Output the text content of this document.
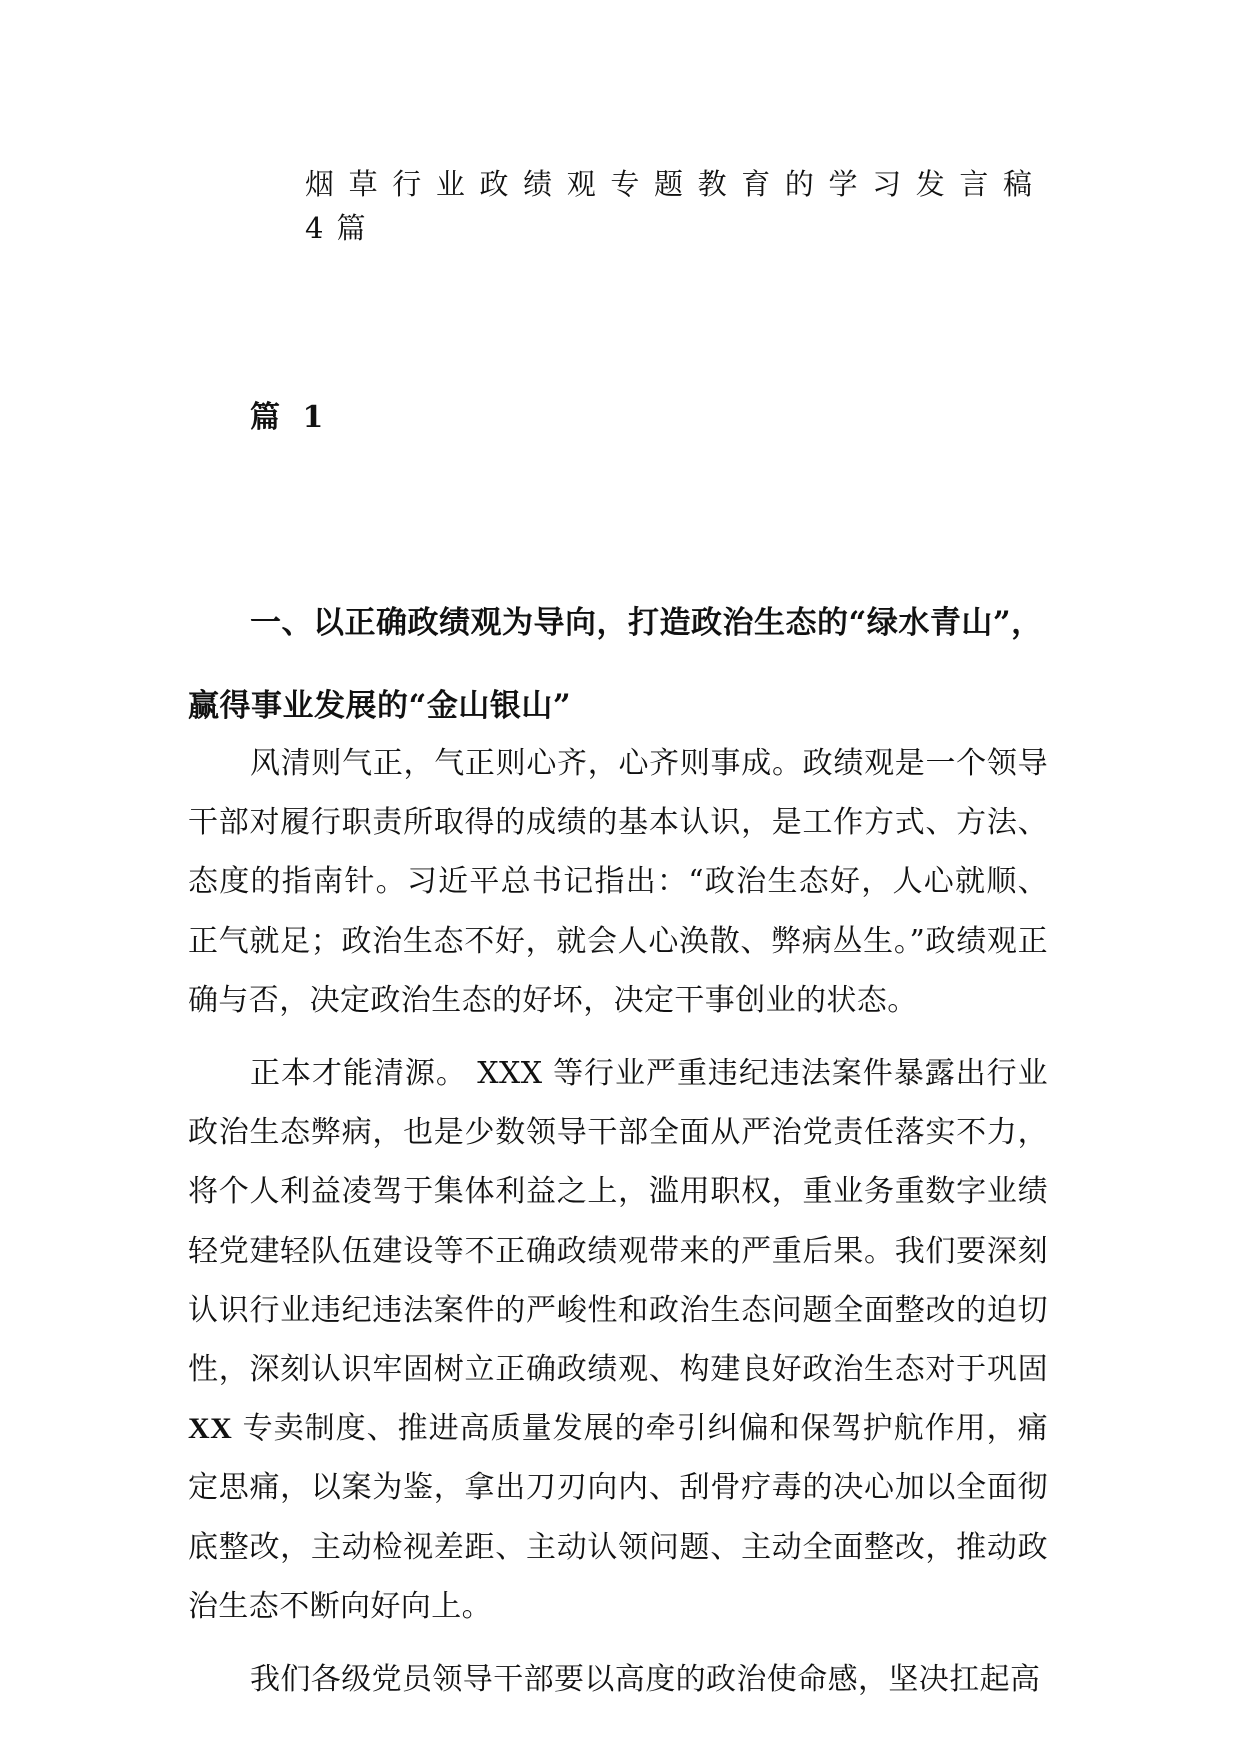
烟草行业政绩观专题教育的学习发言稿4篇
篇 1
一、以正确政绩观为导向，打造政治生态的“绿水青山”，赢得事业发展的“金山银山”

风清则气正，气正则心齐，心齐则事成。政绩观是一个领导干部对履行职责所取得的成绩的基本认识，是工作方式、方法、态度的指南针。习近平总书记指出：“政治生态好，人心就顺、正气就足；政治生态不好，就会人心涣散、弊病丛生。”政绩观正确与否，决定政治生态的好坏，决定干事创业的状态。

正本才能清源。 XXX 等行业严重违纪违法案件暴露出行业政治生态弊病，也是少数领导干部全面从严治党责任落实不力，将个人利益凌驾于集体利益之上，滥用职权，重业务重数字业绩轻党建轻队伍建设等不正确政绩观带来的严重后果。我们要深刻认识行业违纪违法案件的严峻性和政治生态问题全面整改的迫切性，深刻认识牢固树立正确政绩观、构建良好政治生态对于巩固 XX 专卖制度、推进高质量发展的牵引纠偏和保驾护航作用，痛定思痛，以案为鉴，拿出刀刃向内、刮骨疗毒的决心加以全面彻底整改，主动检视差距、主动认领问题、主动全面整改，推动政治生态不断向好向上。

我们各级党员领导干部要以高度的政治使命感，坚决扛起高
